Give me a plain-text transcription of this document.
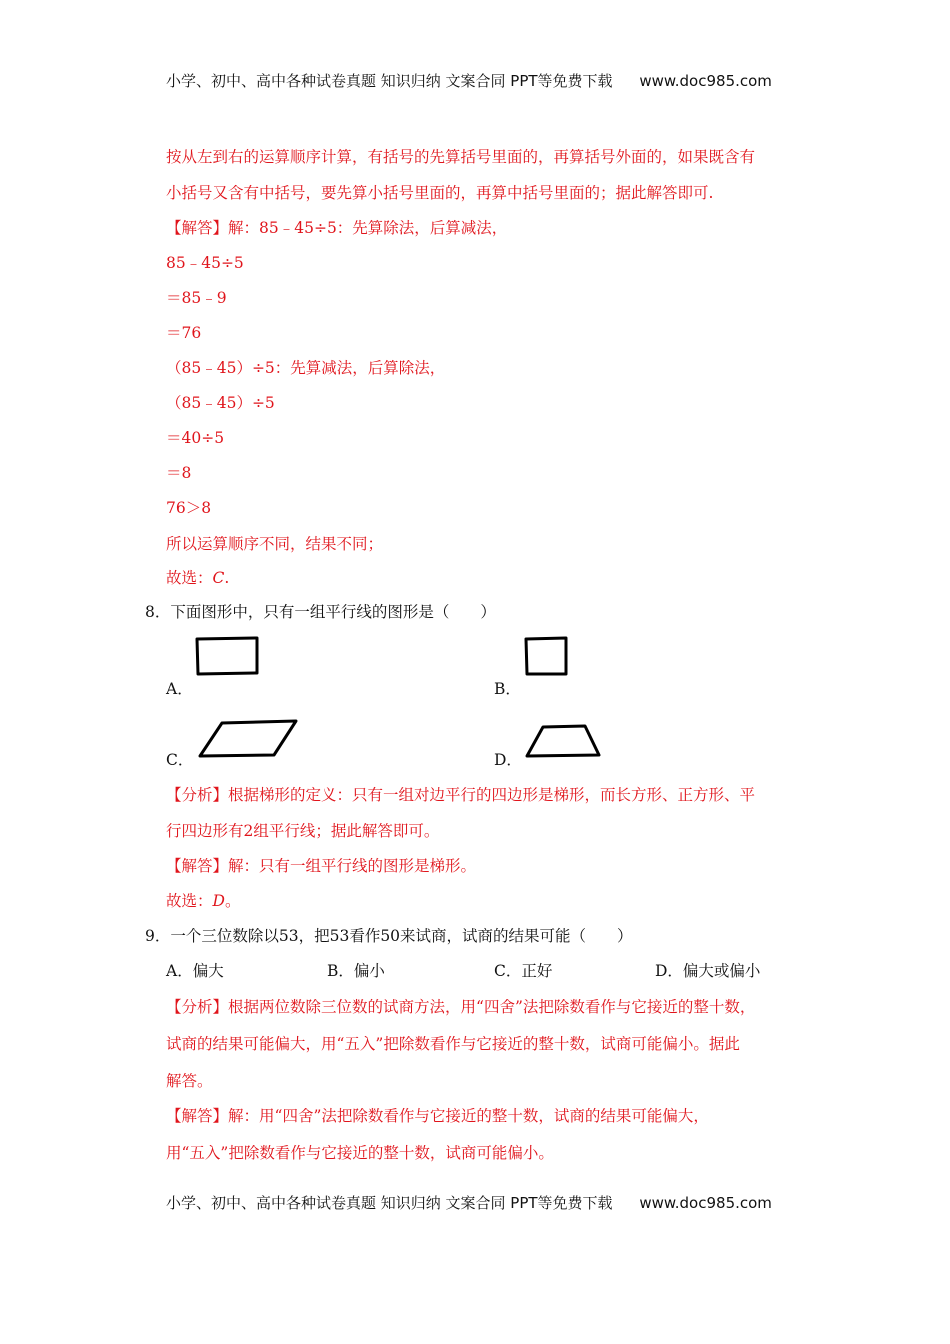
小学、初中、高中各种试卷真题 知识归纳 文案合同 PPT等免费下载 www.doc985.com
按从左到右的运算顺序计算，有括号的先算括号里面的，再算括号外面的，如果既含有
小括号又含有中括号，要先算小括号里面的，再算中括号里面的；据此解答即可.
【解答】解：85﹣45÷5：先算除法，后算减法，
85﹣45÷5
＝85﹣9
＝76
（85﹣45）÷5：先算减法，后算除法，
（85﹣45）÷5
＝40÷5
＝8
76＞8
所以运算顺序不同，结果不同；
故选：C.
8．下面图形中，只有一组平行线的图形是（　　）
A．	B．
C．	D．
【分析】根据梯形的定义：只有一组对边平行的四边形是梯形，而长方形、正方形、平
行四边形有2组平行线；据此解答即可。
【解答】解：只有一组平行线的图形是梯形。
故选：D。
9．一个三位数除以53，把53看作50来试商，试商的结果可能（　　）
A．偏大	B．偏小	C．正好	D．偏大或偏小
【分析】根据两位数除三位数的试商方法，用“四舍”法把除数看作与它接近的整十数，
试商的结果可能偏大，用“五入”把除数看作与它接近的整十数，试商可能偏小。据此
解答。
【解答】解：用“四舍”法把除数看作与它接近的整十数，试商的结果可能偏大，
用“五入”把除数看作与它接近的整十数，试商可能偏小。
小学、初中、高中各种试卷真题 知识归纳 文案合同 PPT等免费下载 www.doc985.com
